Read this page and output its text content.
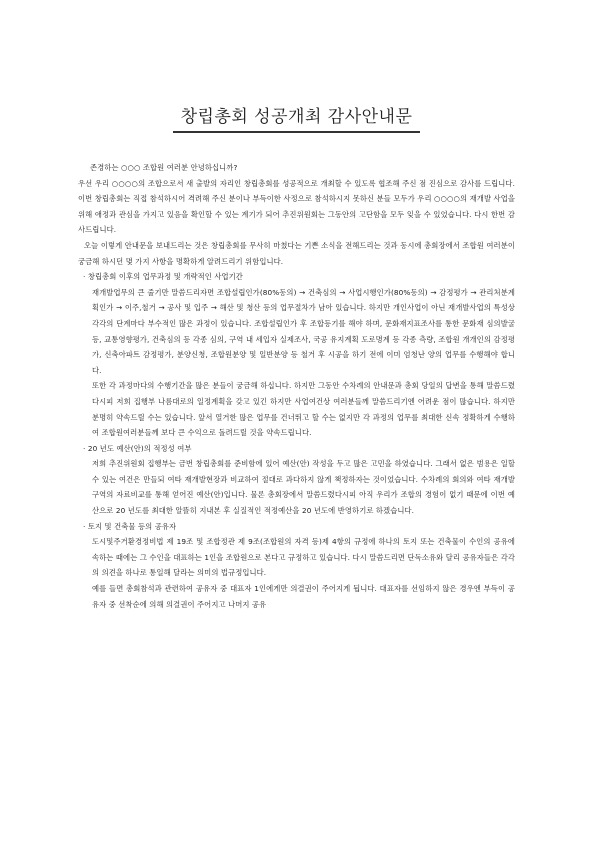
창립총회 성공개최 감사안내문

존경하는 ○○○ 조합원 여러분 안녕하십니까?

우선 우리 ○○○○의 조합으로서 새 출발의 자리인 창립총회를 성공적으로 개최할 수 있도록 협조해 주신 점 진심으로 감사를 드립니다. 이번 창립총회는 직접 참석하시어 격려해 주신 분이나 부득이한 사정으로 참석하시지 못하신 분들 모두가 우리 ○○○○의 재개발 사업을 위해 애정과 관심을 가지고 있음을 확인할 수 있는 계기가 되어 추진위원회는 그동안의 고단함을 모두 잊을 수 있었습니다. 다시 한번 감사드립니다.

오늘 이렇게 안내문을 보내드리는 것은 창립총회를 무사히 마쳤다는 기쁜 소식을 전해드리는 것과 동시에 총회장에서 조합원 여러분이 궁금해 하시던 몇 가지 사항을 명확하게 알려드리기 위함입니다.

· 창립총회 이후의 업무과정 및 개략적인 사업기간

재개발업무의 큰 줄기만 말씀드리자면 조합설립인가(80%동의) → 건축심의 → 사업시행인가(80%동의) → 감정평가 → 관리처분계획인가 → 이주,철거 → 공사 및 입주 → 해산 및 청산 등의 업무절차가 남아 있습니다. 하지만 개인사업이 아닌 재개발사업의 특성상 각각의 단계마다 부수적인 많은 과정이 있습니다. 조합설립인가 후 조합등기를 해야 하며, 문화재지표조사를 통한 문화재 심의발굴 등, 교통영향평가, 건축심의 등 각종 심의, 구역 내 세입자 실제조사, 국공 유지계획 도로명계 등 각종 측량, 조합원 개개인의 감정평가, 신축아파트 감정평가, 분양신청, 조합원분양 및 일반분양 등 철거 후 시공을 하기 전에 이미 엄청난 양의 업무를 수행해야 합니다.

또한 각 과정마다의 수행기간을 많은 분들이 궁금해 하십니다. 하지만 그동안 수차례의 안내문과 총회 당일의 답변을 통해 말씀드렸다시피 저희 집행부 나름대로의 일정계획을 갖고 있긴 하지만 사업여건상 여러분들께 말씀드리기엔 어려운 점이 많습니다. 하지만 분명히 약속드릴 수는 있습니다. 앞서 열거한 많은 업무를 건너뛰고 할 수는 없지만 각 과정의 업무를 최대한 신속 정확하게 수행하여 조합원여러분들께 보다 큰 수익으로 돌려드릴 것을 약속드립니다.

· 20 년도 예산(안)의 적정성 여부

저희 추진위원회 집행부는 금번 창립총회를 준비함에 있어 예산(안) 작성을 두고 많은 고민을 하였습니다. 그래서 없은 범용은 일할 수 있는 여건은 만들되 여타 재개발현장과 비교하여 절대로 과다하지 않게 책정하자는 것이었습니다. 수차례의 회의와 여타 재개발구역의 자료비교를 통해 얻어진 예산(안)입니다. 물론 총회장에서 말씀드렸다시피 아직 우리가 조합의 경험이 없기 때문에 이번 예산으로 20 년도를 최대한 알뜰히 지내본 후 실질적인 적정예산을 20 년도에 반영하기로 하겠습니다.

· 토지 및 건축물 등의 공유자

도시및주거환경정비법 제 19조 및 조합정관 제 9조(조합원의 자격 등)제 4항의 규정에 하나의 토지 또는 건축물이 수인의 공유에 속하는 때에는 그 수인을 대표하는 1인을 조합원으로 본다고 규정하고 있습니다. 다시 말씀드리면 단독소유와 달리 공유자들은 각각의 의견을 하나로 통일해 달라는 의미의 법규정입니다.

예를 들면 총회참석과 관련하여 공유자 중 대표자 1인에게만 의결권이 주어지게 됩니다. 대표자를 선임하지 않은 경우엔 부득이 공유자 중 선착순에 의해 의결권이 주어지고 나머지 공유
